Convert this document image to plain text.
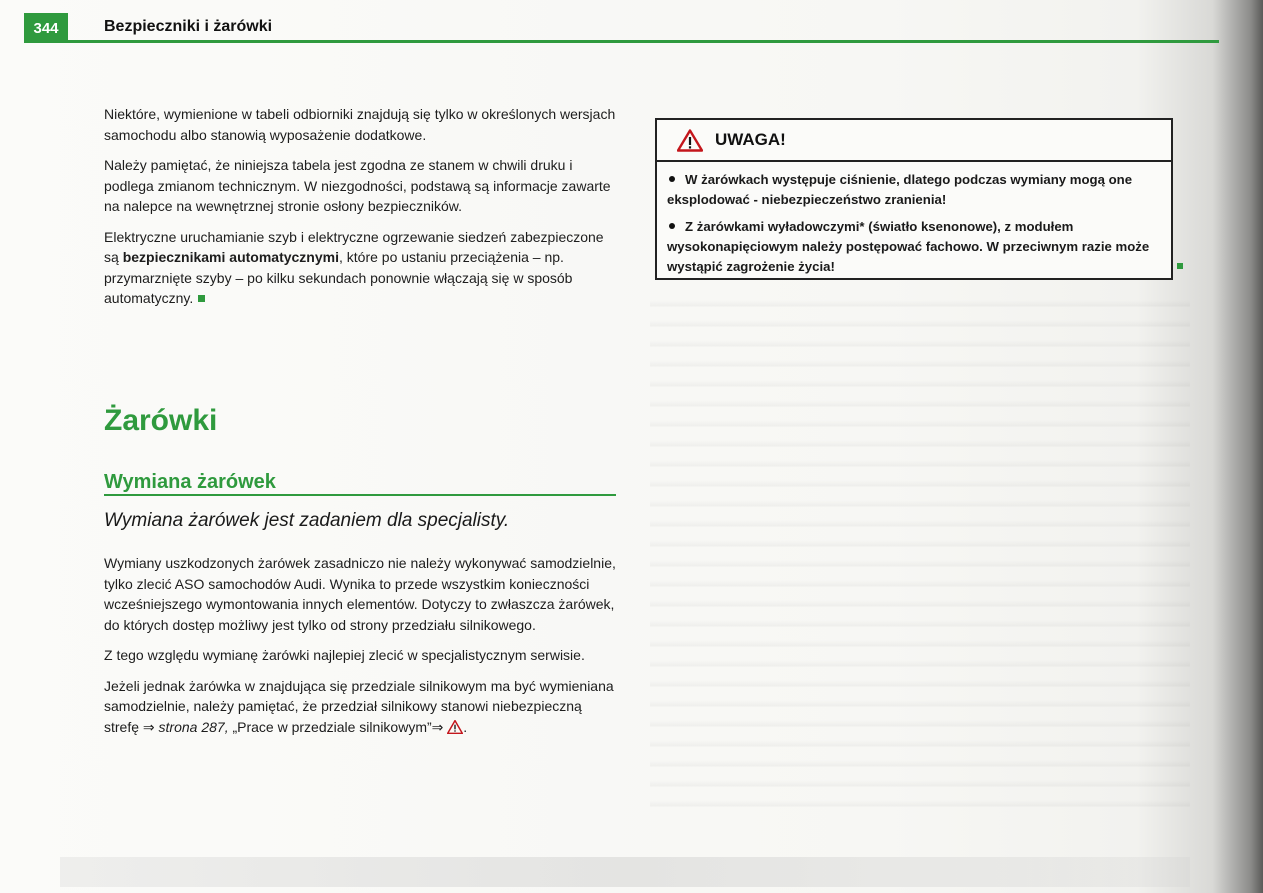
344	Bezpieczniki i żarówki

Niektóre, wymienione w tabeli odbiorniki znajdują się tylko w określonych wersjach samochodu albo stanowią wyposażenie dodatkowe.

Należy pamiętać, że niniejsza tabela jest zgodna ze stanem w chwili druku i podlega zmianom technicznym. W niezgodności, podstawą są informacje zawarte na nalepce na wewnętrznej stronie osłony bezpieczników.

Elektryczne uruchamianie szyb i elektryczne ogrzewanie siedzeń zabezpieczone są bezpiecznikami automatycznymi, które po ustaniu przeciążenia – np. przymarznięte szyby – po kilku sekundach ponownie włączają się w sposób automatyczny.

Żarówki
Wymiana żarówek
Wymiana żarówek jest zadaniem dla specjalisty.

Wymiany uszkodzonych żarówek zasadniczo nie należy wykonywać samodzielnie, tylko zlecić ASO samochodów Audi. Wynika to przede wszystkim konieczności wcześniejszego wymontowania innych elementów. Dotyczy to zwłaszcza żarówek, do których dostęp możliwy jest tylko od strony przedziału silnikowego.

Z tego względu wymianę żarówki najlepiej zlecić w specjalistycznym serwisie.

Jeżeli jednak żarówka w znajdująca się przedziale silnikowym ma być wymieniana samodzielnie, należy pamiętać, że przedział silnikowy stanowi niebezpieczną strefę ⇒ strona 287, „Prace w przedziale silnikowym”⇒ .

UWAGA!

W żarówkach występuje ciśnienie, dlatego podczas wymiany mogą one eksplodować - niebezpieczeństwo zranienia!

Z żarówkami wyładowczymi* (światło ksenonowe), z modułem wysokonapięciowym należy postępować fachowo. W przeciwnym razie może wystąpić zagrożenie życia!
